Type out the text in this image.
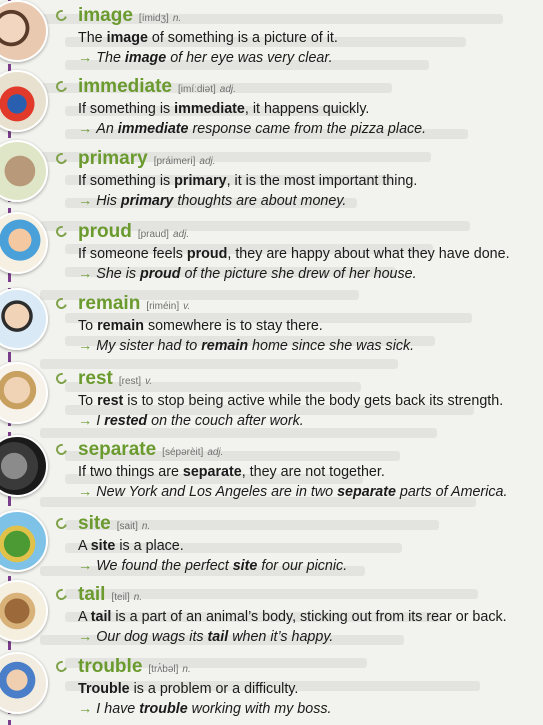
image [ímidʒ] n.
The image of something is a picture of it.
→ The image of her eye was very clear.
immediate [imíːdiət] adj.
If something is immediate, it happens quickly.
→ An immediate response came from the pizza place.
primary [práimeri] adj.
If something is primary, it is the most important thing.
→ His primary thoughts are about money.
proud [praud] adj.
If someone feels proud, they are happy about what they have done.
→ She is proud of the picture she drew of her house.
remain [riméin] v.
To remain somewhere is to stay there.
→ My sister had to remain home since she was sick.
rest [rest] v.
To rest is to stop being active while the body gets back its strength.
→ I rested on the couch after work.
separate [sépərèit] adj.
If two things are separate, they are not together.
→ New York and Los Angeles are in two separate parts of America.
site [sait] n.
A site is a place.
→ We found the perfect site for our picnic.
tail [teil] n.
A tail is a part of an animal’s body, sticking out from its rear or back.
→ Our dog wags its tail when it’s happy.
trouble [trʌ́bəl] n.
Trouble is a problem or a difficulty.
→ I have trouble working with my boss.
